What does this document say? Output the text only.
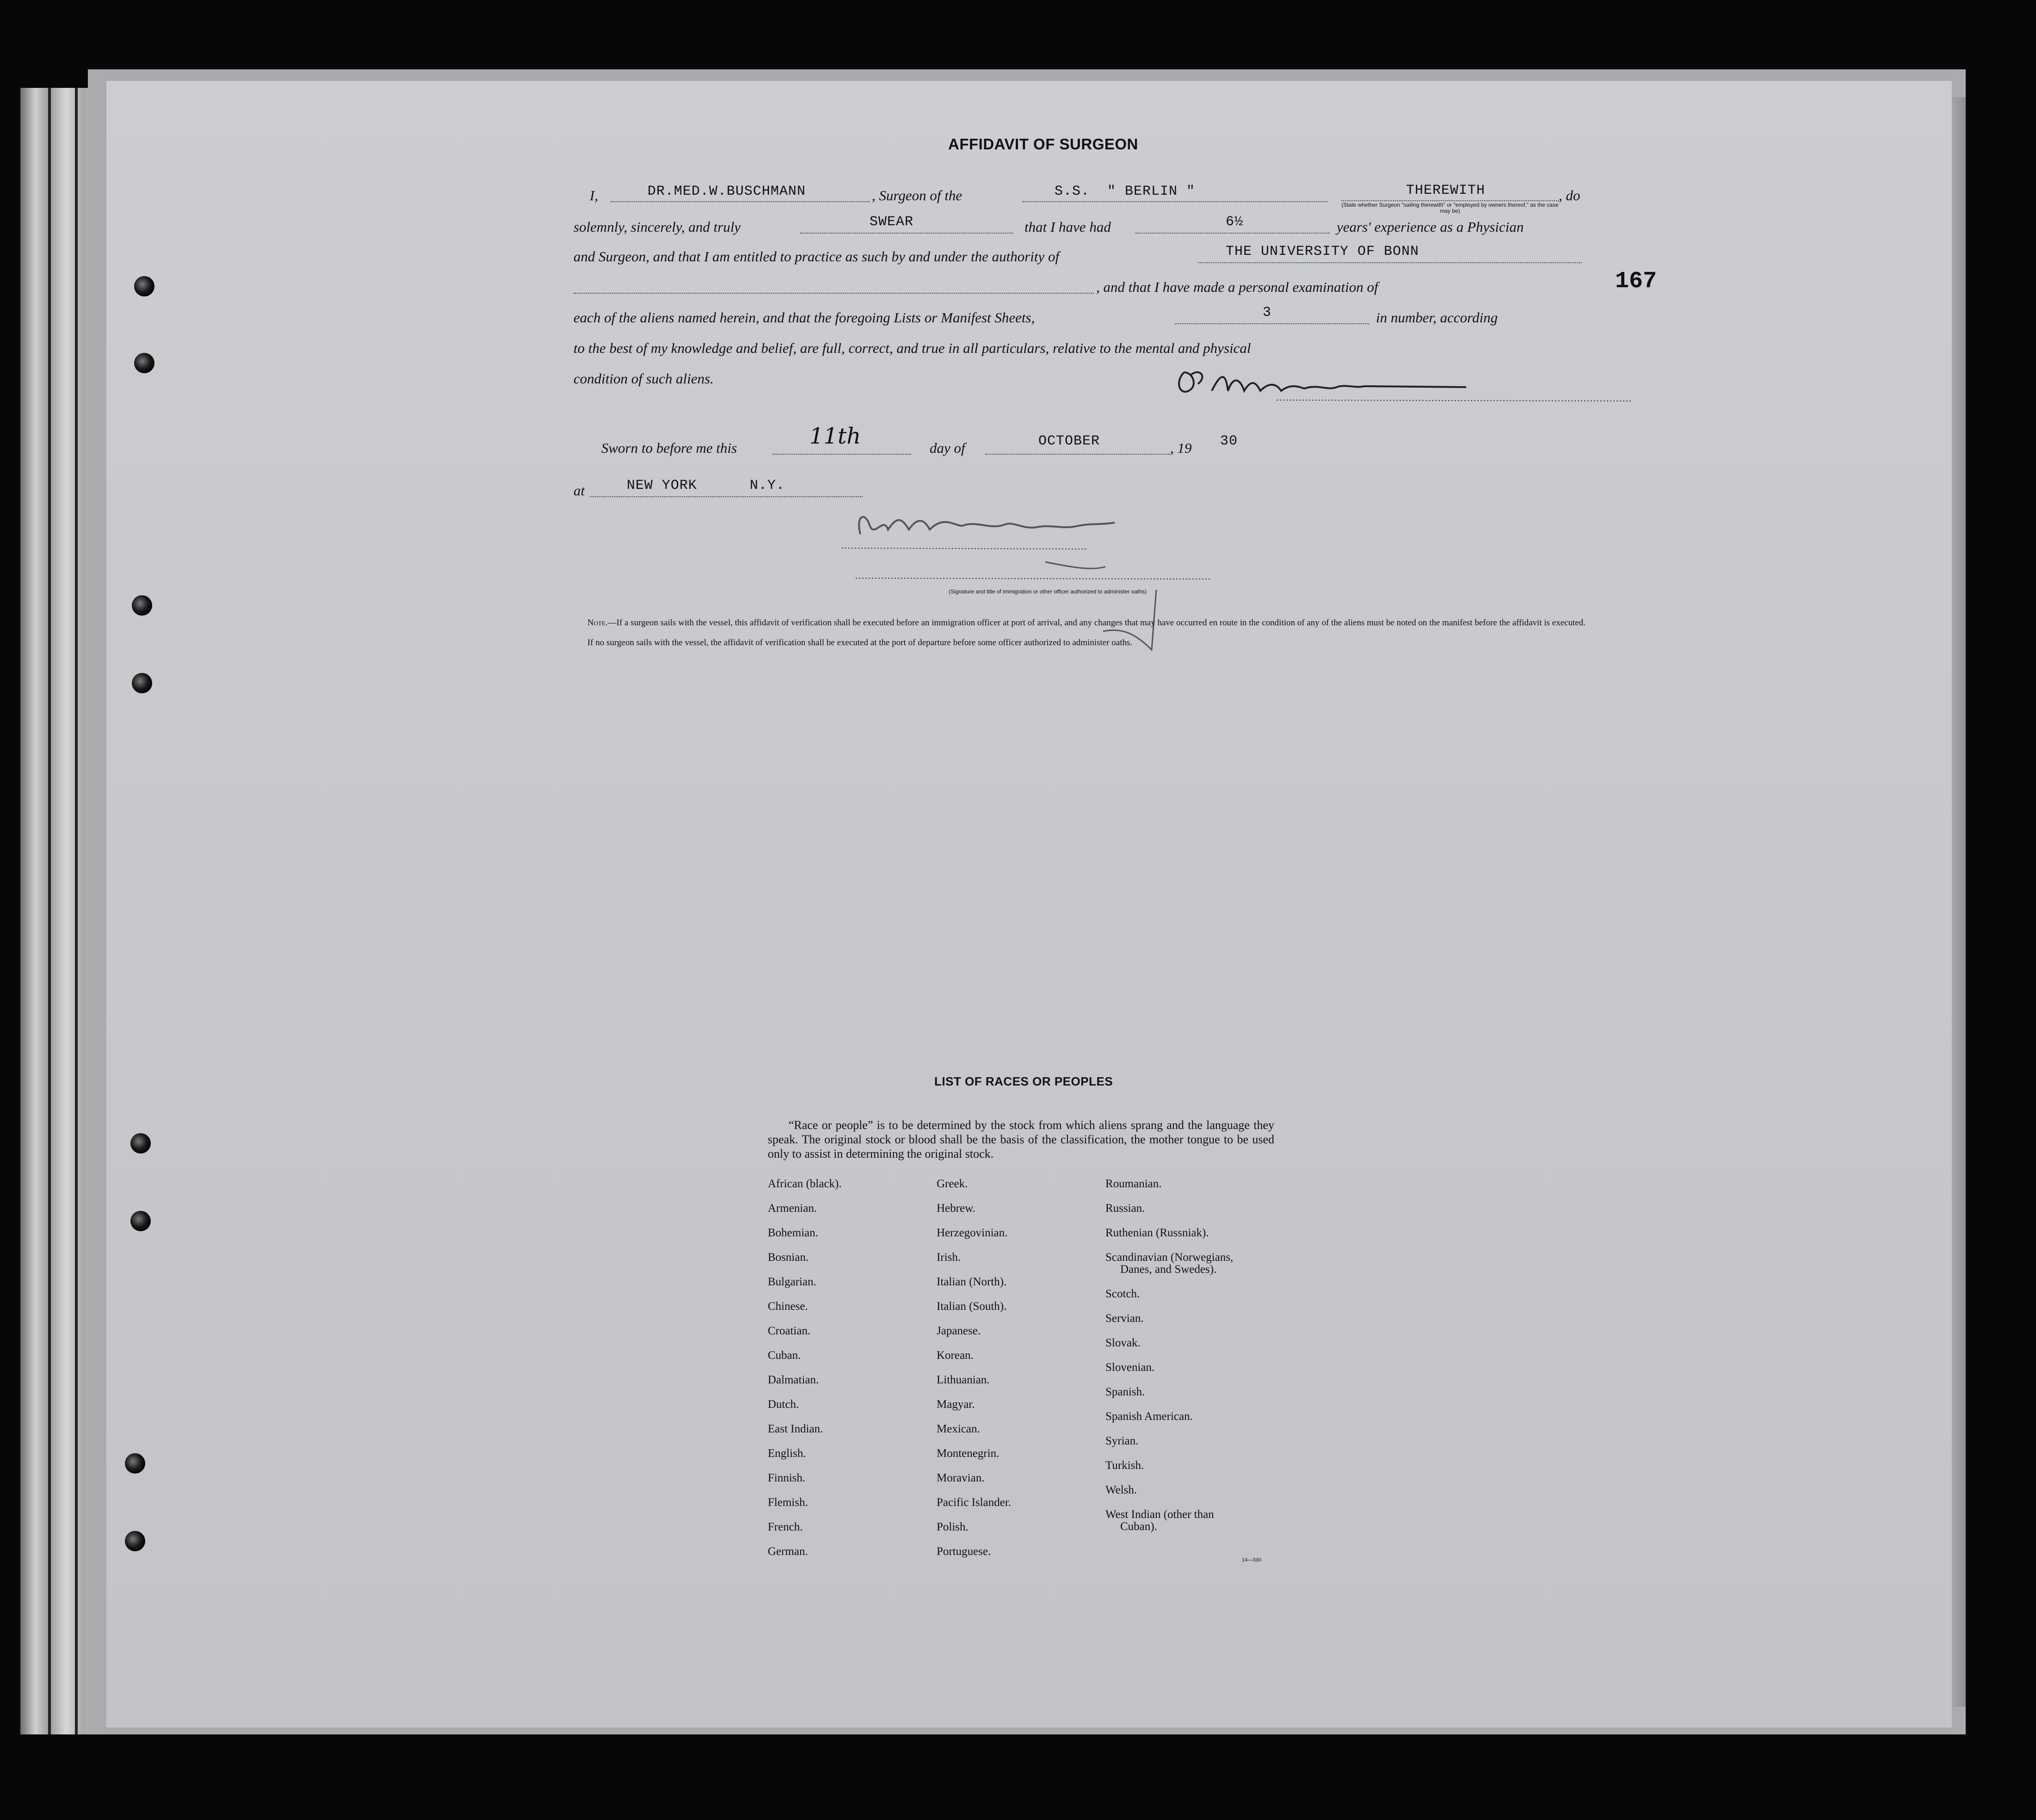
167
AFFIDAVIT OF SURGEON
I,	DR.MED.W.BUSCHMANN	, Surgeon of the	S.S.  " BERLIN "	THEREWITH
(State whether Surgeon "sailing therewith" or "employed by owners thereof," as the case may be)
, do
solemnly, sincerely, and truly	SWEAR	that I have had	6½	years' experience as a Physician
and Surgeon, and that I am entitled to practice as such by and under the authority of	THE UNIVERSITY OF BONN
, and that I have made a personal examination of
each of the aliens named herein, and that the foregoing Lists or Manifest Sheets,	3	in number, according
to the best of my knowledge and belief, are full, correct, and true in all particulars, relative to the mental and physical
condition of such aliens.
Sworn to before me this	11th	day of	OCTOBER	, 19 30
at	NEW YORK      N.Y.
(Signature and title of immigration or other officer authorized to administer oaths)
Note.—If a surgeon sails with the vessel, this affidavit of verification shall be executed before an immigration officer at port of arrival, and any changes that may have occurred en route in the condition of any of the aliens must be noted on the manifest before the affidavit is executed.
If no surgeon sails with the vessel, the affidavit of verification shall be executed at the port of departure before some officer authorized to administer oaths.
LIST OF RACES OR PEOPLES
“Race or people” is to be determined by the stock from which aliens sprang and the language they speak. The original stock or blood shall be the basis of the classification, the mother tongue to be used only to assist in determining the original stock.
African (black).
Armenian.
Bohemian.
Bosnian.
Bulgarian.
Chinese.
Croatian.
Cuban.
Dalmatian.
Dutch.
East Indian.
English.
Finnish.
Flemish.
French.
German.
Greek.
Hebrew.
Herzegovinian.
Irish.
Italian (North).
Italian (South).
Japanese.
Korean.
Lithuanian.
Magyar.
Mexican.
Montenegrin.
Moravian.
Pacific Islander.
Polish.
Portuguese.
Roumanian.
Russian.
Ruthenian (Russniak).
Scandinavian (Norwegians,
Danes, and Swedes).
Scotch.
Servian.
Slovak.
Slovenian.
Spanish.
Spanish American.
Syrian.
Turkish.
Welsh.
West Indian (other than
Cuban).
14—330
